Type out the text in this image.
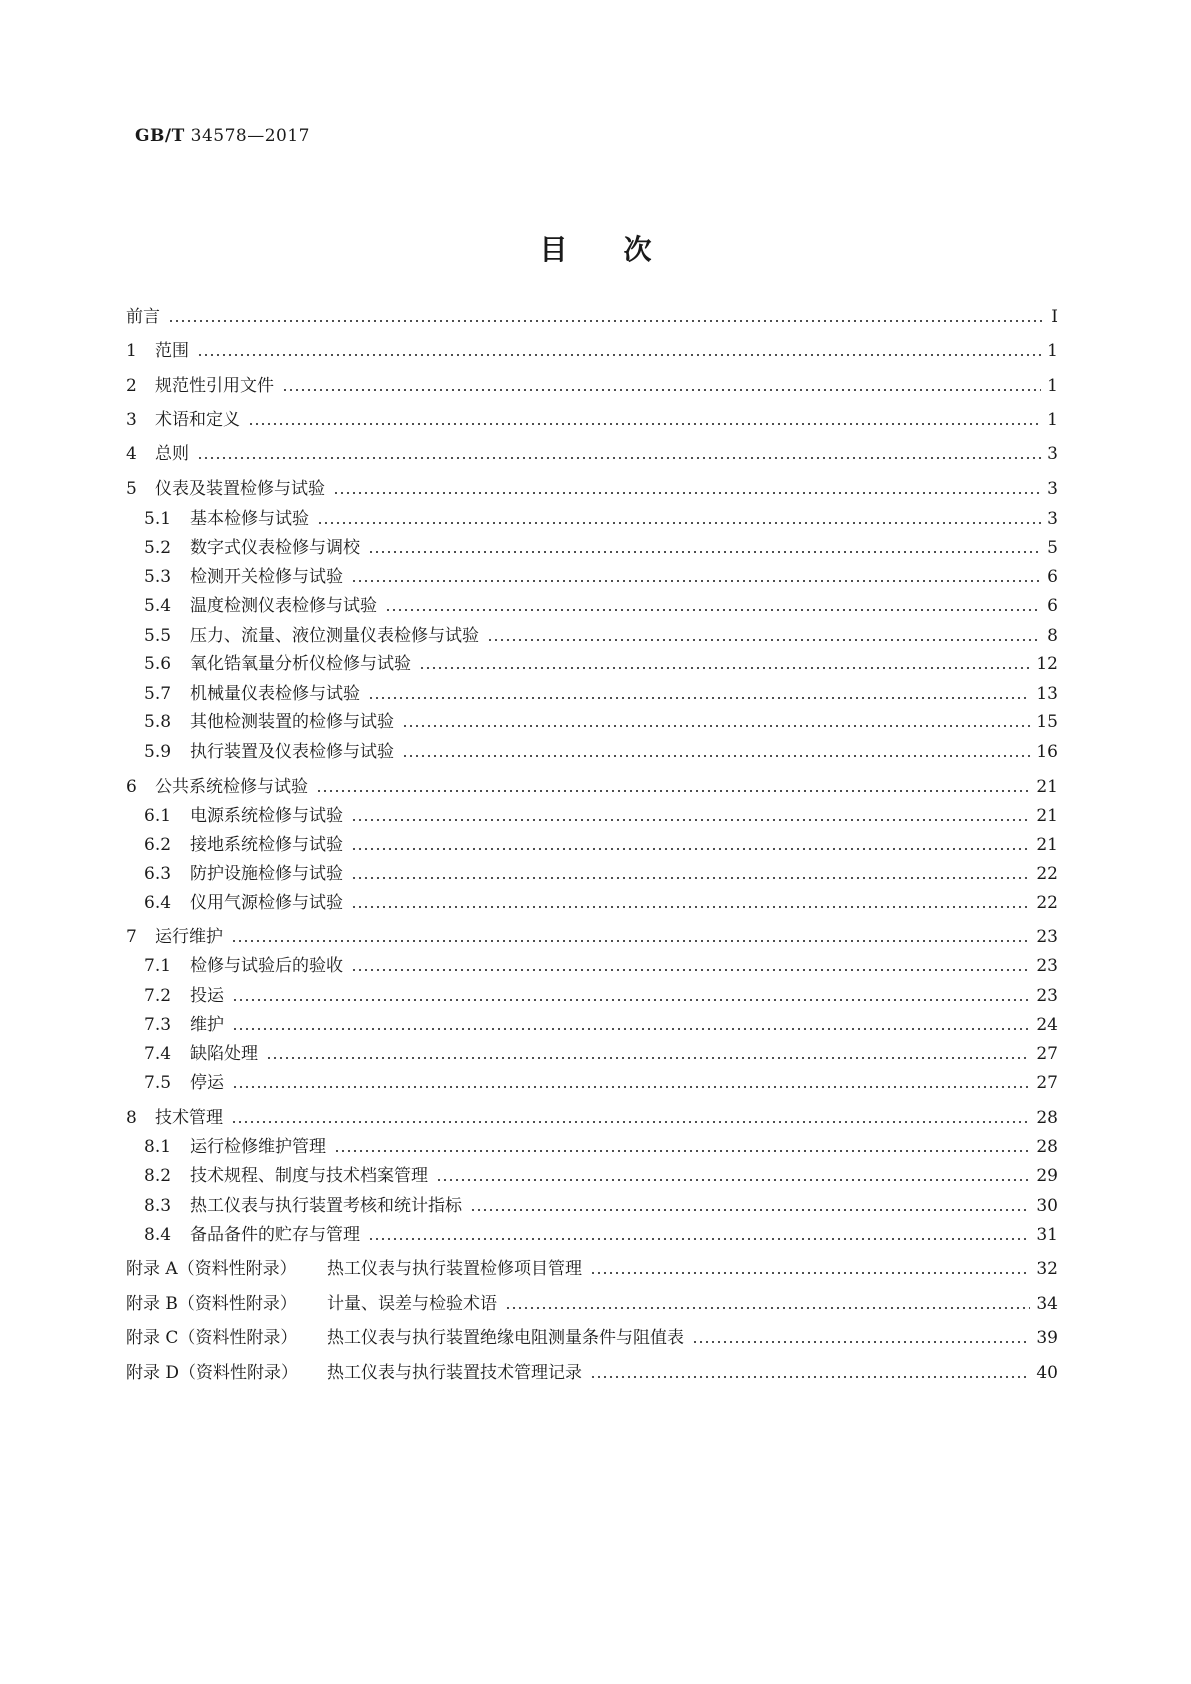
GB/T 34578—2017
目 次
前言	Ⅰ
1 范围	1
2 规范性引用文件	1
3 术语和定义	1
4 总则	3
5 仪表及装置检修与试验	3
5.1 基本检修与试验	3
5.2 数字式仪表检修与调校	5
5.3 检测开关检修与试验	6
5.4 温度检测仪表检修与试验	6
5.5 压力、流量、液位测量仪表检修与试验	8
5.6 氧化锆氧量分析仪检修与试验	12
5.7 机械量仪表检修与试验	13
5.8 其他检测装置的检修与试验	15
5.9 执行装置及仪表检修与试验	16
6 公共系统检修与试验	21
6.1 电源系统检修与试验	21
6.2 接地系统检修与试验	21
6.3 防护设施检修与试验	22
6.4 仪用气源检修与试验	22
7 运行维护	23
7.1 检修与试验后的验收	23
7.2 投运	23
7.3 维护	24
7.4 缺陷处理	27
7.5 停运	27
8 技术管理	28
8.1 运行检修维护管理	28
8.2 技术规程、制度与技术档案管理	29
8.3 热工仪表与执行装置考核和统计指标	30
8.4 备品备件的贮存与管理	31
附录 A（资料性附录） 热工仪表与执行装置检修项目管理	32
附录 B（资料性附录） 计量、误差与检验术语	34
附录 C（资料性附录） 热工仪表与执行装置绝缘电阻测量条件与阻值表	39
附录 D（资料性附录） 热工仪表与执行装置技术管理记录	40
